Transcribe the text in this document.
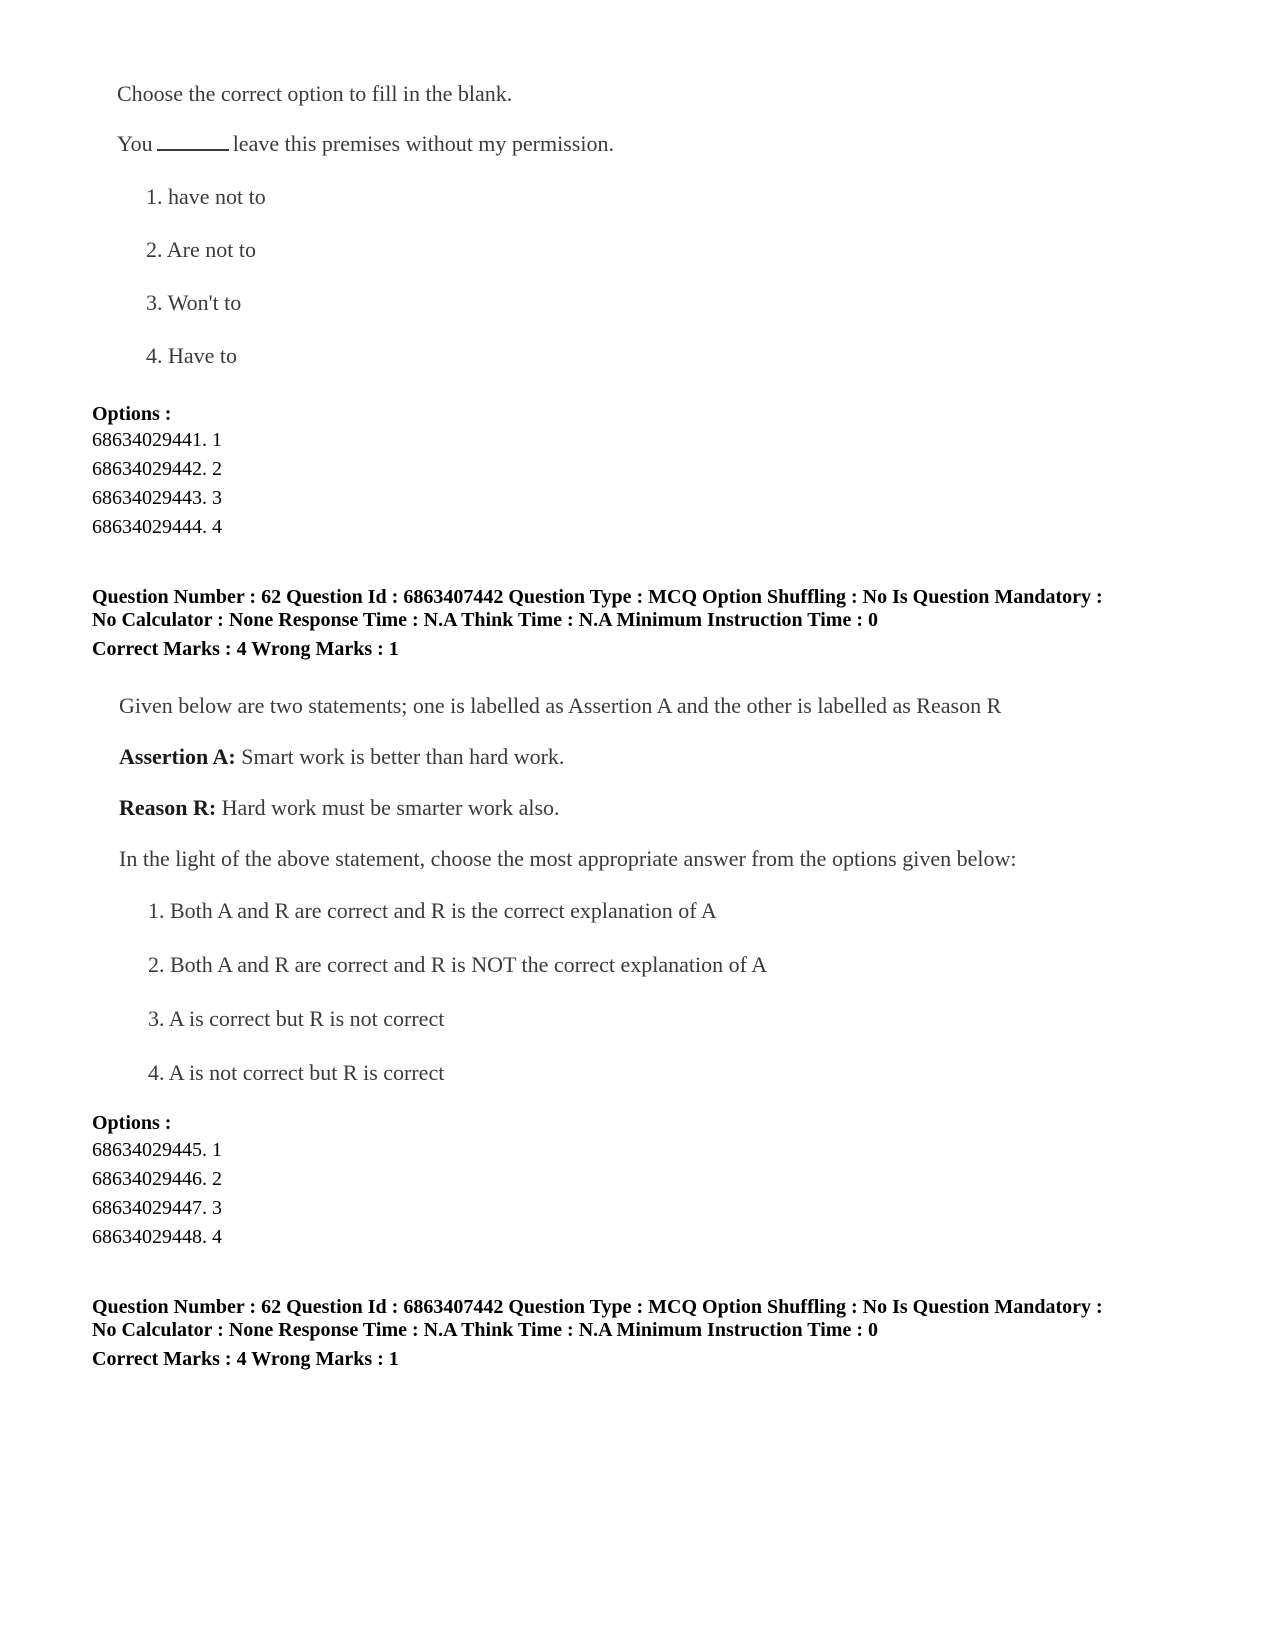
Choose the correct option to fill in the blank.
You	leave this premises without my permission.
1. have not to
2. Are not to
3. Won't to
4. Have to
Options :
68634029441. 1
68634029442. 2
68634029443. 3
68634029444. 4
Question Number : 62 Question Id : 6863407442 Question Type : MCQ Option Shuffling : No Is Question Mandatory :
No Calculator : None Response Time : N.A Think Time : N.A Minimum Instruction Time : 0
Correct Marks : 4 Wrong Marks : 1
Given below are two statements; one is labelled as Assertion A and the other is labelled as Reason R
Assertion A: Smart work is better than hard work.
Reason R: Hard work must be smarter work also.
In the light of the above statement, choose the most appropriate answer from the options given below:
1. Both A and R are correct and R is the correct explanation of A
2. Both A and R are correct and R is NOT the correct explanation of A
3. A is correct but R is not correct
4. A is not correct but R is correct
Options :
68634029445. 1
68634029446. 2
68634029447. 3
68634029448. 4
Question Number : 62 Question Id : 6863407442 Question Type : MCQ Option Shuffling : No Is Question Mandatory :
No Calculator : None Response Time : N.A Think Time : N.A Minimum Instruction Time : 0
Correct Marks : 4 Wrong Marks : 1
